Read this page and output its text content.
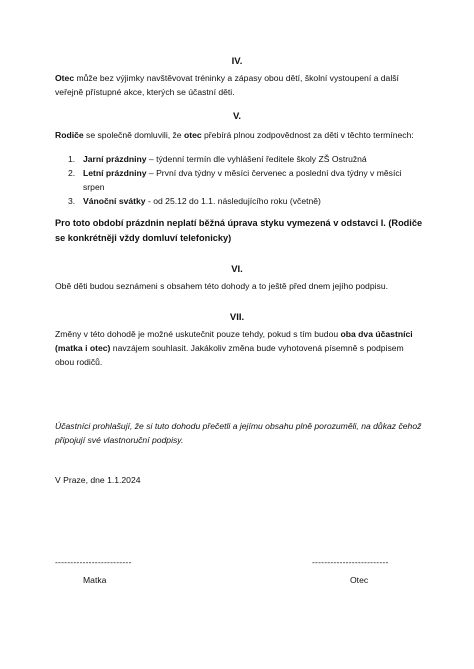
IV.

Otec může bez výjimky navštěvovat tréninky a zápasy obou dětí, školní vystoupení a další veřejně přístupné akce, kterých se účastní děti.

V.

Rodiče se společně domluvili, že otec přebírá plnou zodpovědnost za děti v těchto termínech:

1. Jarní prázdniny – týdenní termín dle vyhlášení ředitele školy ZŠ Ostružná
2. Letní prázdniny – První dva týdny v měsíci červenec a poslední dva týdny v měsíci srpen
3. Vánoční svátky - od 25.12 do 1.1. následujícího roku (včetně)

Pro toto období prázdnin neplatí běžná úprava styku vymezená v odstavci I. (Rodiče se konkrétněji vždy domluví telefonicky)

VI.

Obě děti budou seznámeni s obsahem této dohody a to ještě před dnem jejího podpisu.

VII.

Změny v této dohodě je možné uskutečnit pouze tehdy, pokud s tím budou oba dva účastníci (matka i otec) navzájem souhlasit. Jakákoliv změna bude vyhotovená písemně s podpisem obou rodičů.

Účastníci prohlašují, že si tuto dohodu přečetli a jejímu obsahu plně porozuměli, na důkaz čehož připojují své vlastnoruční podpisy.

V Praze, dne 1.1.2024

-------------------------	-------------------------

Matka	Otec
